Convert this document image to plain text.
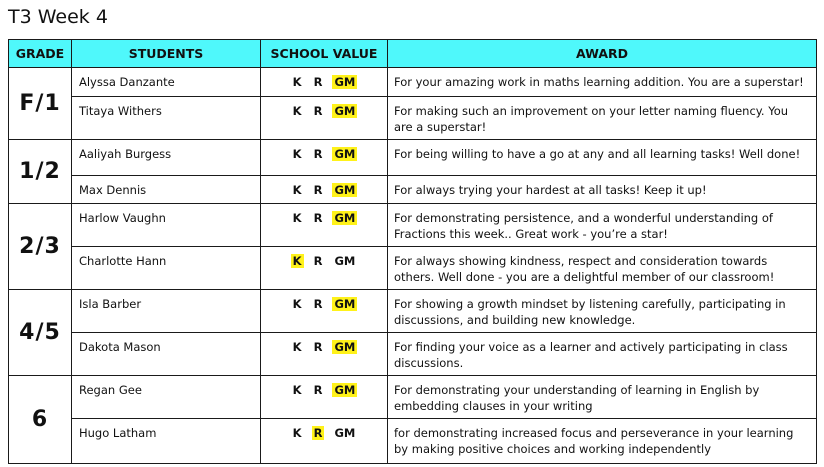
T3 Week 4
GRADE	STUDENTS	SCHOOL VALUE	AWARD
F/1	Alyssa Danzante	K R GM	For your amazing work in maths learning addition. You are a superstar!
	Titaya Withers	K R GM	For making such an improvement on your letter naming fluency. You are a superstar!
1/2	Aaliyah Burgess	K R GM	For being willing to have a go at any and all learning tasks! Well done!
	Max Dennis	K R GM	For always trying your hardest at all tasks! Keep it up!
2/3	Harlow Vaughn	K R GM	For demonstrating persistence, and a wonderful understanding of Fractions this week.. Great work - you’re a star!
	Charlotte Hann	K R GM	For always showing kindness, respect and consideration towards others. Well done - you are a delightful member of our classroom!
4/5	Isla Barber	K R GM	For showing a growth mindset by listening carefully, participating in discussions, and building new knowledge.
	Dakota Mason	K R GM	For finding your voice as a learner and actively participating in class discussions.
6	Regan Gee	K R GM	For demonstrating your understanding of learning in English by embedding clauses in your writing
	Hugo Latham	K R GM	for demonstrating increased focus and perseverance in your learning by making positive choices and working independently
